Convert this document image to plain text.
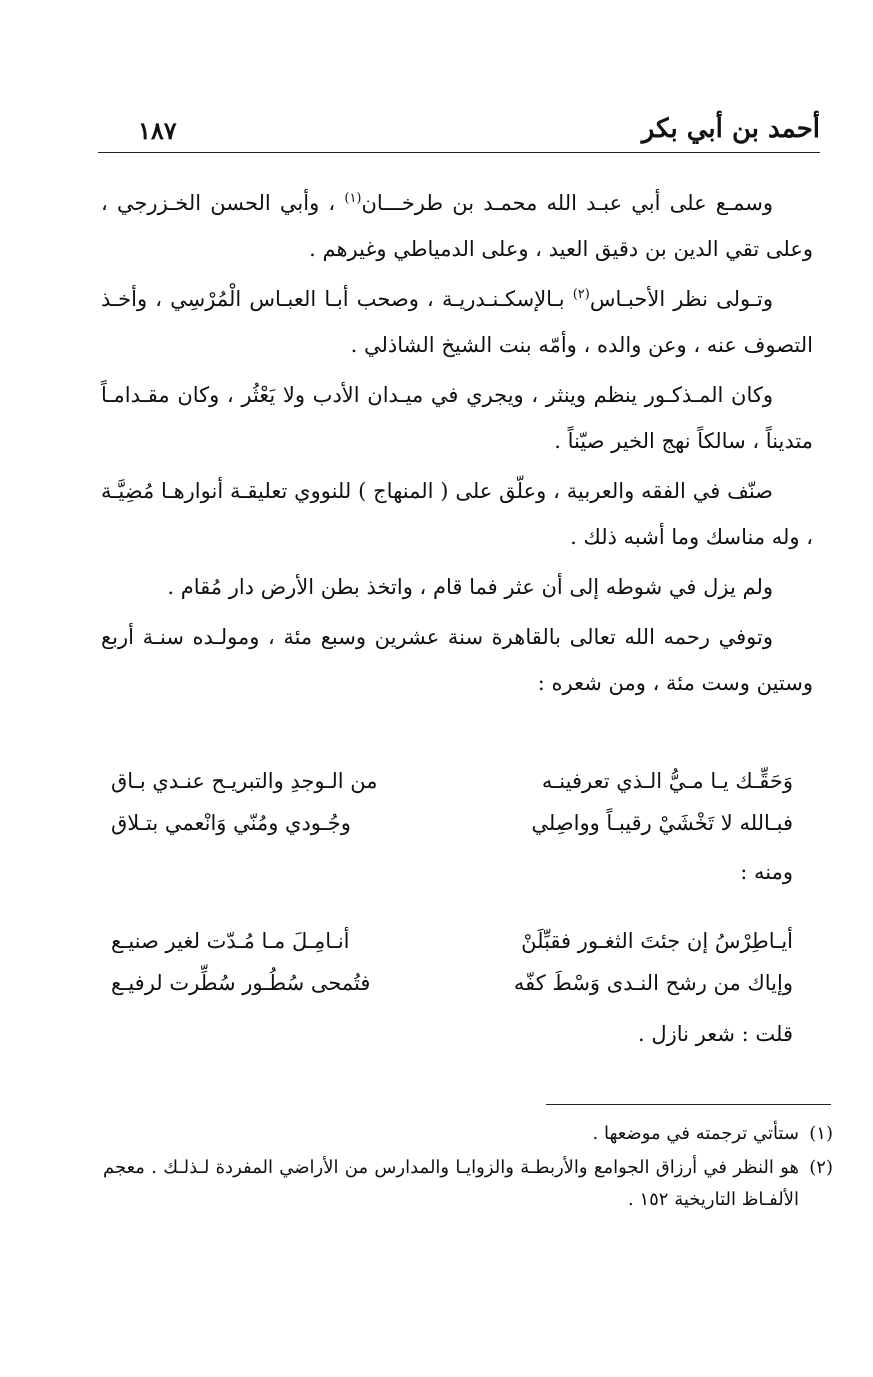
أحمد بن أبي بكر
١٨٧

وسمـع على أبي عبـد الله محمـد بن طرخـــان$^{(١)}$ ، وأبي الحسن الخـزرجي ، وعلى تقي الدين بن دقيق العيد ، وعلى الدمياطي وغيرهم .

وتـولى نظر الأحبـاس$^{(٢)}$ بـالإسكـنـدريـة ، وصحب أبـا العبـاس الْمُرْسِي ، وأخـذ التصوف عنه ، وعن والده ، وأمّه بنت الشيخ الشاذلي .

وكان المـذكـور ينظم وينثر ، ويجري في ميـدان الأدب ولا يَعْثُر ، وكان مقـدامـاً متديناً ، سالكاً نهج الخير صيّناً .

صنّف في الفقه والعربية ، وعلّق على ( المنهاج ) للنووي تعليقـة أنوارهـا مُضِيَّـة ، وله مناسك وما أشبه ذلك .

ولم يزل في شوطه إلى أن عثر فما قام ، واتخذ بطن الأرض دار مُقام .

وتوفي رحمه الله تعالى بالقاهرة سنة عشرين وسبع مئة ، ومولـده سنـة أربع وستين وست مئة ، ومن شعره :

وَحَقِّـك يـا مـيُّ الـذي تعرفينـه
من الـوجدِ والتبريـح عنـدي بـاق
فبـالله لا تَخْشَيْ رقيبـاً وواصِلي
وجُـودي ومُنّي وَانْعمي بتـلاق
ومنه :
أيـاطِرْسُ إن جئتَ الثغـور فقبِّلَنْ
أنـامِـلَ مـا مُـدّت لغير صنيـع
وإياك من رشح النـدى وَسْطَ كفّه
فتُمحى سُطُـور سُطِّرت لرفيـع
قلت : شعر نازل .
(١)
ستأتي ترجمته في موضعها .
(٢)
هو النظر في أرزاق الجوامع والأربطـة والزوايـا والمدارس من الأراضي المفردة لـذلـك . معجم الألفـاظ التاريخية ١٥٢ .
